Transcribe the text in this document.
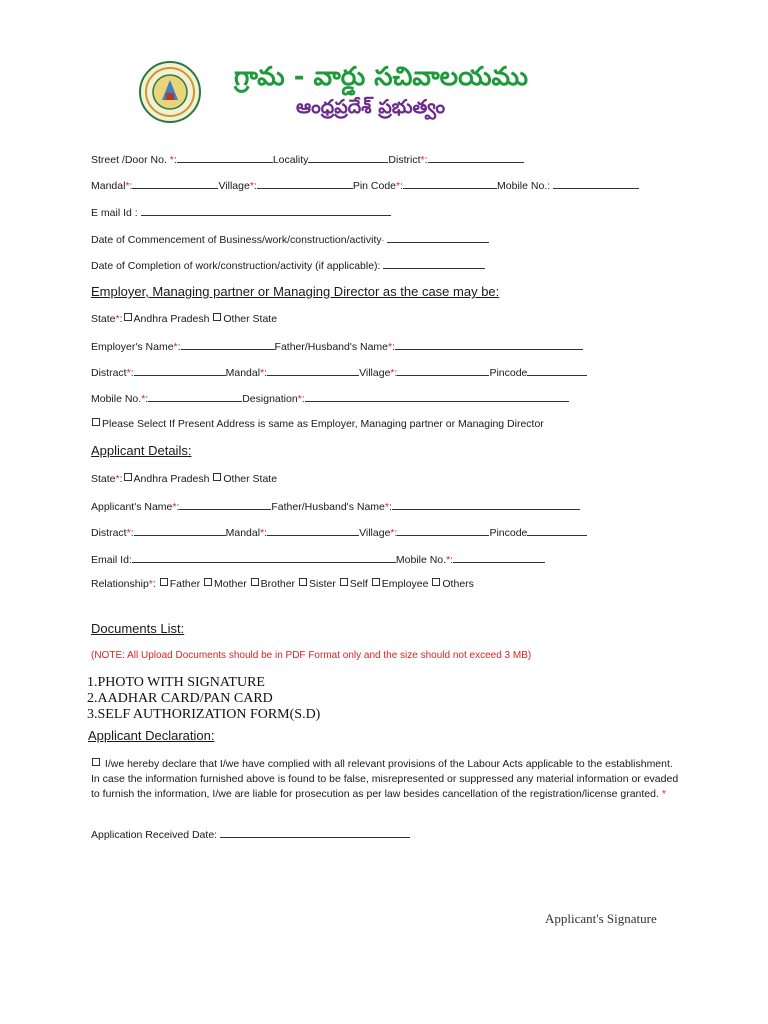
~
గ్రామ - వార్డు సచివాలయము
ఆంధ్రప్రదేశ్ ప్రభుత్వం
Street /Door No. *:	Locality	District*:
Mandal*:	Village*:	Pin Code*:	Mobile No.:
E mail Id :
Date of Commencement of Business/work/construction/activity·
Date of Completion of work/construction/activity (if applicable):
Employer, Managing partner or Managing Director as the case may be:
State*: Andhra Pradesh Other State
Employer's Name*:	Father/Husband's Name*:
Distract*:	Mandal*:	Village*:	Pincode
Mobile No.*:	Designation*:
Please Select If Present Address is same as Employer, Managing partner or Managing Director
Applicant Details:
State*: Andhra Pradesh Other State
Applicant's Name*:	Father/Husband's Name*:
Distract*:	Mandal*:	Village*:	Pincode
Email Id:	Mobile No.*:
Relationship*: Father Mother Brother Sister Self Employee Others
Documents List:
(NOTE: All Upload Documents should be in PDF Format only and the size should not exceed 3 MB)
1.PHOTO WITH SIGNATURE
2.AADHAR CARD/PAN CARD
3.SELF AUTHORIZATION FORM(S.D)
Applicant Declaration:
I/we hereby declare that I/we have complied with all relevant provisions of the Labour Acts applicable to the establishment. In case the information furnished above is found to be false, misrepresented or suppressed any material information or evaded to furnish the information, I/we are liable for prosecution as per law besides cancellation of the registration/license granted. *
Application Received Date:
Applicant's Signature
